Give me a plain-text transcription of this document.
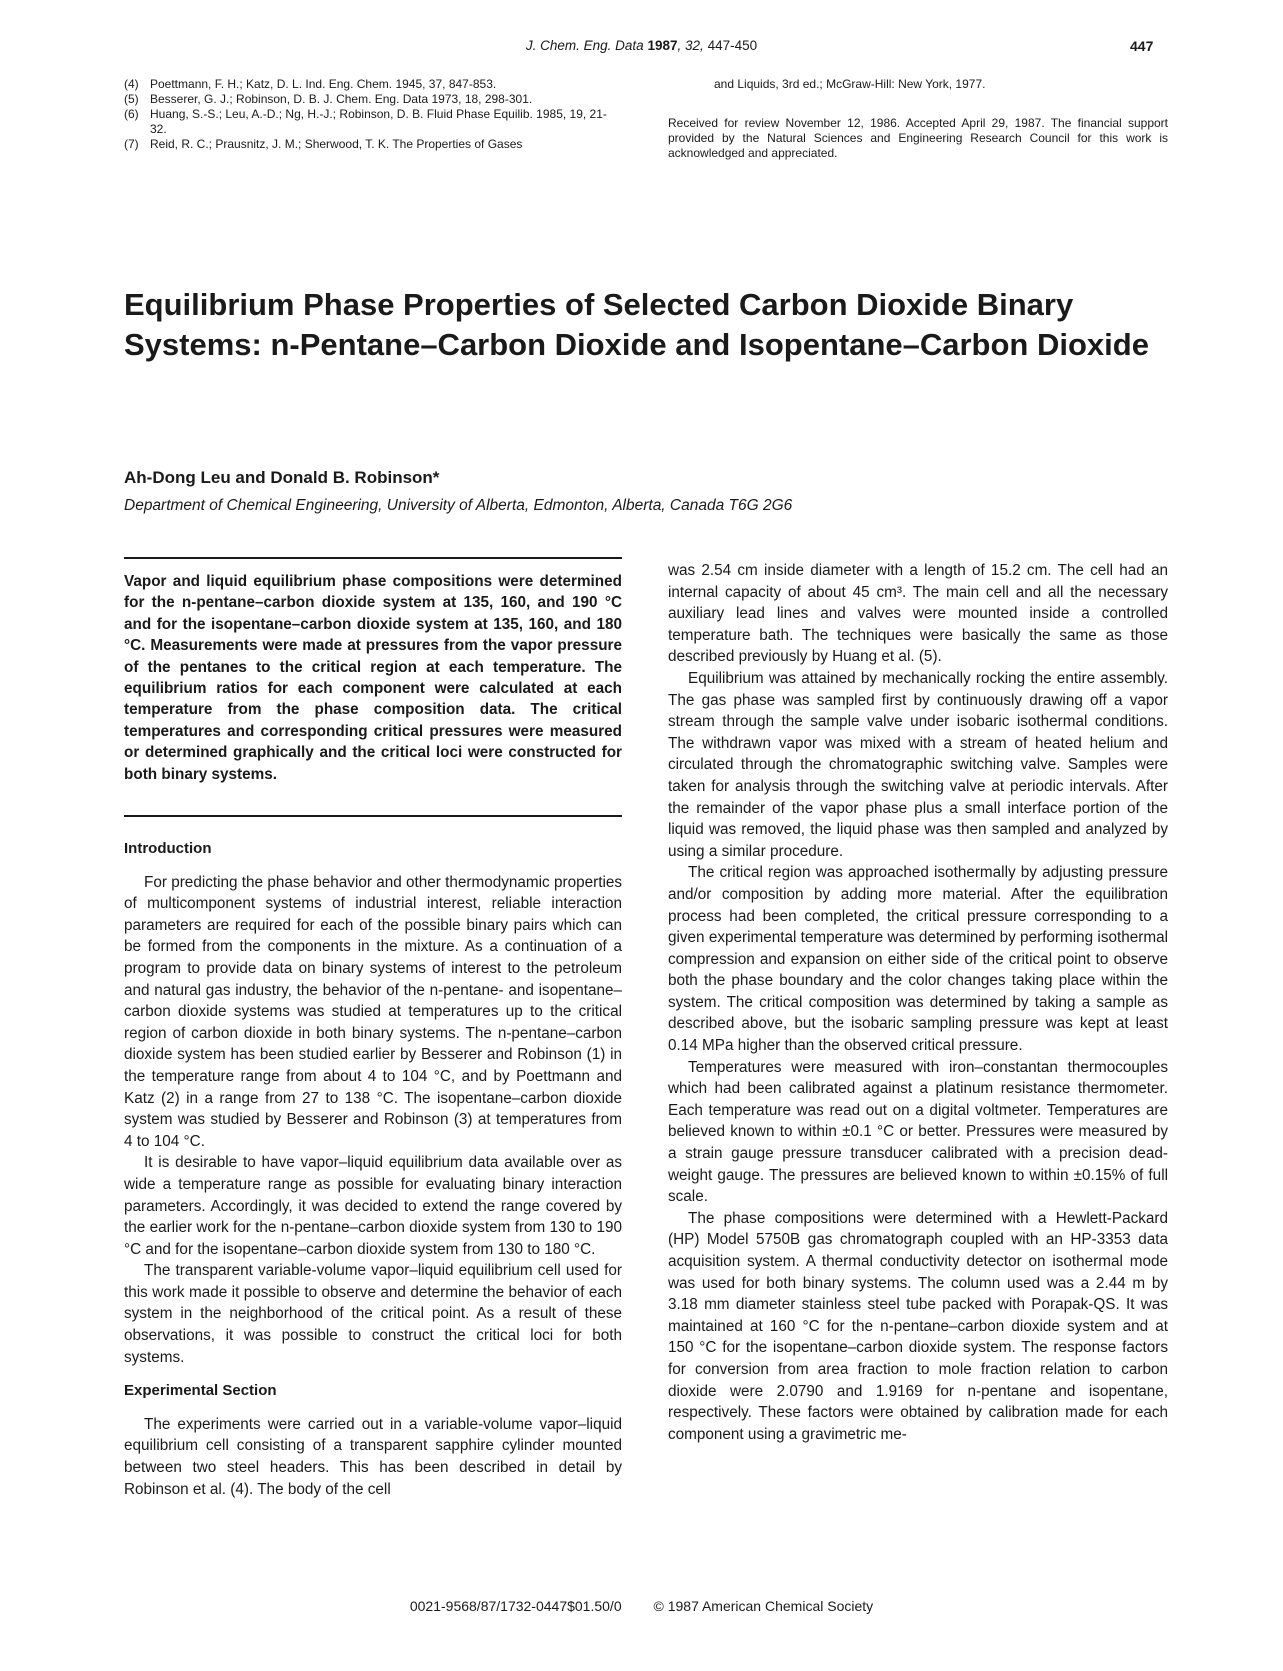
J. Chem. Eng. Data 1987, 32, 447-450	447
(4) Poettmann, F. H.; Katz, D. L. Ind. Eng. Chem. 1945, 37, 847-853.
(5) Besserer, G. J.; Robinson, D. B. J. Chem. Eng. Data 1973, 18, 298-301.
(6) Huang, S.-S.; Leu, A.-D.; Ng, H.-J.; Robinson, D. B. Fluid Phase Equilib. 1985, 19, 21-32.
(7) Reid, R. C.; Prausnitz, J. M.; Sherwood, T. K. The Properties of Gases
and Liquids, 3rd ed.; McGraw-Hill: New York, 1977.
Received for review November 12, 1986. Accepted April 29, 1987. The financial support provided by the Natural Sciences and Engineering Research Council for this work is acknowledged and appreciated.
Equilibrium Phase Properties of Selected Carbon Dioxide Binary Systems: n-Pentane–Carbon Dioxide and Isopentane–Carbon Dioxide
Ah-Dong Leu and Donald B. Robinson*
Department of Chemical Engineering, University of Alberta, Edmonton, Alberta, Canada T6G 2G6
Vapor and liquid equilibrium phase compositions were determined for the n-pentane–carbon dioxide system at 135, 160, and 190 °C and for the isopentane–carbon dioxide system at 135, 160, and 180 °C. Measurements were made at pressures from the vapor pressure of the pentanes to the critical region at each temperature. The equilibrium ratios for each component were calculated at each temperature from the phase composition data. The critical temperatures and corresponding critical pressures were measured or determined graphically and the critical loci were constructed for both binary systems.
Introduction

For predicting the phase behavior and other thermodynamic properties of multicomponent systems of industrial interest, reliable interaction parameters are required for each of the possible binary pairs which can be formed from the components in the mixture. As a continuation of a program to provide data on binary systems of interest to the petroleum and natural gas industry, the behavior of the n-pentane- and isopentane–carbon dioxide systems was studied at temperatures up to the critical region of carbon dioxide in both binary systems. The n-pentane–carbon dioxide system has been studied earlier by Besserer and Robinson (1) in the temperature range from about 4 to 104 °C, and by Poettmann and Katz (2) in a range from 27 to 138 °C. The isopentane–carbon dioxide system was studied by Besserer and Robinson (3) at temperatures from 4 to 104 °C.

It is desirable to have vapor–liquid equilibrium data available over as wide a temperature range as possible for evaluating binary interaction parameters. Accordingly, it was decided to extend the range covered by the earlier work for the n-pentane–carbon dioxide system from 130 to 190 °C and for the isopentane–carbon dioxide system from 130 to 180 °C.

The transparent variable-volume vapor–liquid equilibrium cell used for this work made it possible to observe and determine the behavior of each system in the neighborhood of the critical point. As a result of these observations, it was possible to construct the critical loci for both systems.

Experimental Section

The experiments were carried out in a variable-volume vapor–liquid equilibrium cell consisting of a transparent sapphire cylinder mounted between two steel headers. This has been described in detail by Robinson et al. (4). The body of the cell

was 2.54 cm inside diameter with a length of 15.2 cm. The cell had an internal capacity of about 45 cm³. The main cell and all the necessary auxiliary lead lines and valves were mounted inside a controlled temperature bath. The techniques were basically the same as those described previously by Huang et al. (5).

Equilibrium was attained by mechanically rocking the entire assembly. The gas phase was sampled first by continuously drawing off a vapor stream through the sample valve under isobaric isothermal conditions. The withdrawn vapor was mixed with a stream of heated helium and circulated through the chromatographic switching valve. Samples were taken for analysis through the switching valve at periodic intervals. After the remainder of the vapor phase plus a small interface portion of the liquid was removed, the liquid phase was then sampled and analyzed by using a similar procedure.

The critical region was approached isothermally by adjusting pressure and/or composition by adding more material. After the equilibration process had been completed, the critical pressure corresponding to a given experimental temperature was determined by performing isothermal compression and expansion on either side of the critical point to observe both the phase boundary and the color changes taking place within the system. The critical composition was determined by taking a sample as described above, but the isobaric sampling pressure was kept at least 0.14 MPa higher than the observed critical pressure.

Temperatures were measured with iron–constantan thermocouples which had been calibrated against a platinum resistance thermometer. Each temperature was read out on a digital voltmeter. Temperatures are believed known to within ±0.1 °C or better. Pressures were measured by a strain gauge pressure transducer calibrated with a precision dead-weight gauge. The pressures are believed known to within ±0.15% of full scale.

The phase compositions were determined with a Hewlett-Packard (HP) Model 5750B gas chromatograph coupled with an HP-3353 data acquisition system. A thermal conductivity detector on isothermal mode was used for both binary systems. The column used was a 2.44 m by 3.18 mm diameter stainless steel tube packed with Porapak-QS. It was maintained at 160 °C for the n-pentane–carbon dioxide system and at 150 °C for the isopentane–carbon dioxide system. The response factors for conversion from area fraction to mole fraction relation to carbon dioxide were 2.0790 and 1.9169 for n-pentane and isopentane, respectively. These factors were obtained by calibration made for each component using a gravimetric me-

0021-9568/87/1732-0447$01.50/0 © 1987 American Chemical Society
